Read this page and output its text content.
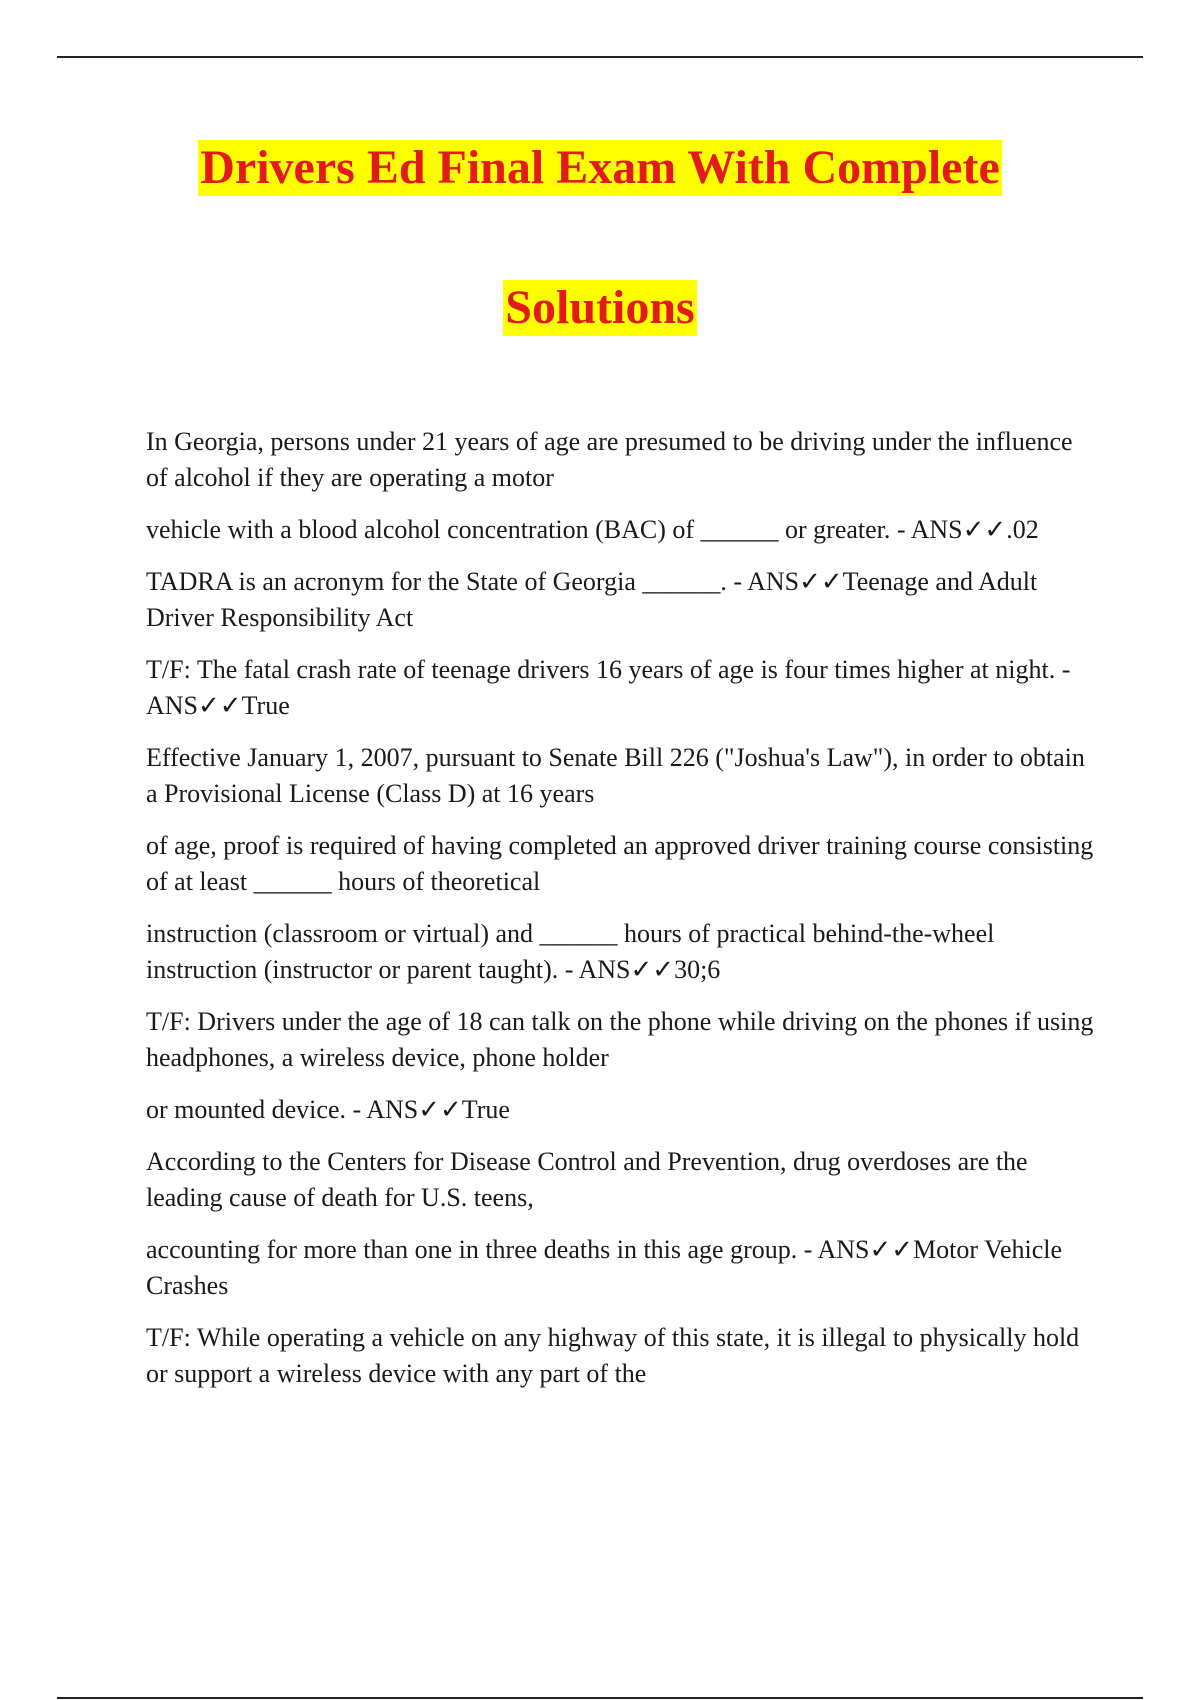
Drivers Ed Final Exam With Complete
Solutions

In Georgia, persons under 21 years of age are presumed to be driving under the influence of alcohol if they are operating a motor

vehicle with a blood alcohol concentration (BAC) of ______ or greater. - ANS✓✓.02

TADRA is an acronym for the State of Georgia ______. - ANS✓✓Teenage and Adult Driver Responsibility Act

T/F: The fatal crash rate of teenage drivers 16 years of age is four times higher at night. - ANS✓✓True

Effective January 1, 2007, pursuant to Senate Bill 226 ("Joshua's Law"), in order to obtain a Provisional License (Class D) at 16 years

of age, proof is required of having completed an approved driver training course consisting of at least ______ hours of theoretical

instruction (classroom or virtual) and ______ hours of practical behind-the-wheel instruction (instructor or parent taught). - ANS✓✓30;6

T/F: Drivers under the age of 18 can talk on the phone while driving on the phones if using headphones, a wireless device, phone holder

or mounted device. - ANS✓✓True

According to the Centers for Disease Control and Prevention, drug overdoses are the leading cause of death for U.S. teens,

accounting for more than one in three deaths in this age group. - ANS✓✓Motor Vehicle Crashes

T/F: While operating a vehicle on any highway of this state, it is illegal to physically hold or support a wireless device with any part of the
